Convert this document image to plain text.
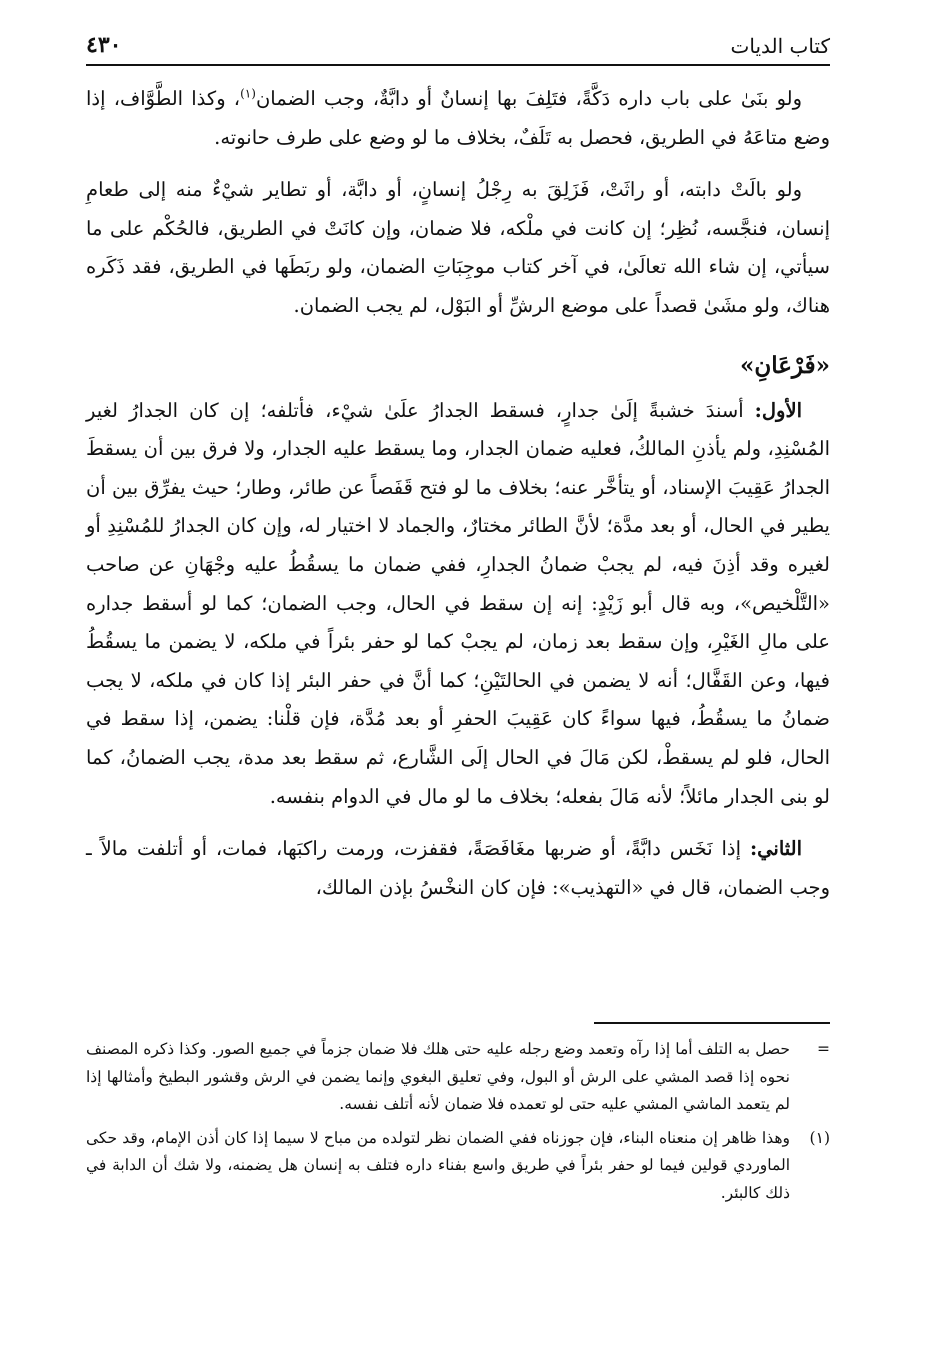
كتاب الديات
٤٣٠

ولو بنَىٰ على باب داره دَكَّةً، فتَلِفَ بها إنسانٌ أو دابَّةٌ، وجب الضمان$^{(١)}$، وكذا الطَّوَّاف، إذا وضع متاعَهُ في الطريق، فحصل به تَلَفٌ، بخلاف ما لو وضع على طرف حانوته.

ولو بالَتْ دابته، أو راثَتْ، فَزَلِقَ به رِجْلُ إنسانٍ، أو دابَّة، أو تطاير شيْءٌ منه إلى طعامِ إنسان، فنجَّسه، نُظِر؛ إن كانت في ملْكه، فلا ضمان، وإن كانَتْ في الطريق، فالحُكْم على ما سيأتي، إن شاء الله تعالَىٰ، في آخر كتاب موجِبَاتِ الضمان، ولو ربَطَها في الطريق، فقد ذَكَره هناك، ولو مشَىٰ قصداً على موضع الرشِّ أو البَوْل، لم يجب الضمان.

«فَرْعَانِ»

الأول: أسندَ خشبةً إلَىٰ جدارٍ، فسقط الجدارُ علَىٰ شيْء، فأتلفه؛ إن كان الجدارُ لغير المُسْنِدِ، ولم يأذنِ المالكُ، فعليه ضمان الجدار، وما يسقط عليه الجدار، ولا فرق بين أن يسقطَ الجدارُ عَقِيبَ الإسناد، أو يتأخَّر عنه؛ بخلاف ما لو فتح قَفَصاً عن طائر، وطار؛ حيث يفرِّق بين أن يطير في الحال، أو بعد مدَّة؛ لأنَّ الطائر مختارٌ، والجماد لا اختيار له، وإن كان الجدارُ للمُسْنِدِ أو لغيره وقد أذِنَ فيه، لم يجبْ ضمانُ الجدارِ، ففي ضمان ما يسقُطُ عليه وجْهَانِ عن صاحب «التَّلْخيص»، وبه قال أبو زَيْدٍ: إنه إن سقط في الحال، وجب الضمان؛ كما لو أسقط جداره على مالِ الغَيْرِ، وإن سقط بعد زمان، لم يجبْ كما لو حفر بئراً في ملكه، لا يضمن ما يسقُطُ فيها، وعن القَفَّال؛ أنه لا يضمن في الحالتَيْنِ؛ كما أنَّ في حفر البئر إذا كان في ملكه، لا يجب ضمانُ ما يسقُطُ، فيها سواءً كان عَقِيبَ الحفرِ أو بعد مُدَّة، فإن قلْنا: يضمن، إذا سقط في الحال، فلو لم يسقطْ، لكن مَالَ في الحال إلَى الشَّارع، ثم سقط بعد مدة، يجب الضمانُ، كما لو بنى الجدار مائلاً؛ لأنه مَالَ بفعله؛ بخلاف ما لو مال في الدوام بنفسه.

الثاني: إذا نَخَس دابَّةً، أو ضربها مغَافَصَةً، فقفزت، ورمت راكبَها، فمات، أو أتلفت مالاً ـ وجب الضمان، قال في «التهذيب»: فإن كان النخْسُ بإذن المالك،

=
حصل به التلف أما إذا رآه وتعمد وضع رجله عليه حتى هلك فلا ضمان جزماً في جميع الصور. وكذا ذكره المصنف نحوه إذا قصد المشي على الرش أو البول، وفي تعليق البغوي وإنما يضمن في الرش وقشور البطيخ وأمثالها إذا لم يتعمد الماشي المشي عليه حتى لو تعمده فلا ضمان لأنه أتلف نفسه.
(١)
وهذا ظاهر إن منعناه البناء، فإن جوزناه ففي الضمان نظر لتولده من مباح لا سيما إذا كان أذن الإمام، وقد حكى الماوردي قولين فيما لو حفر بئراً في طريق واسع بفناء داره فتلف به إنسان هل يضمنه، ولا شك أن الدابة في ذلك كالبئر.
